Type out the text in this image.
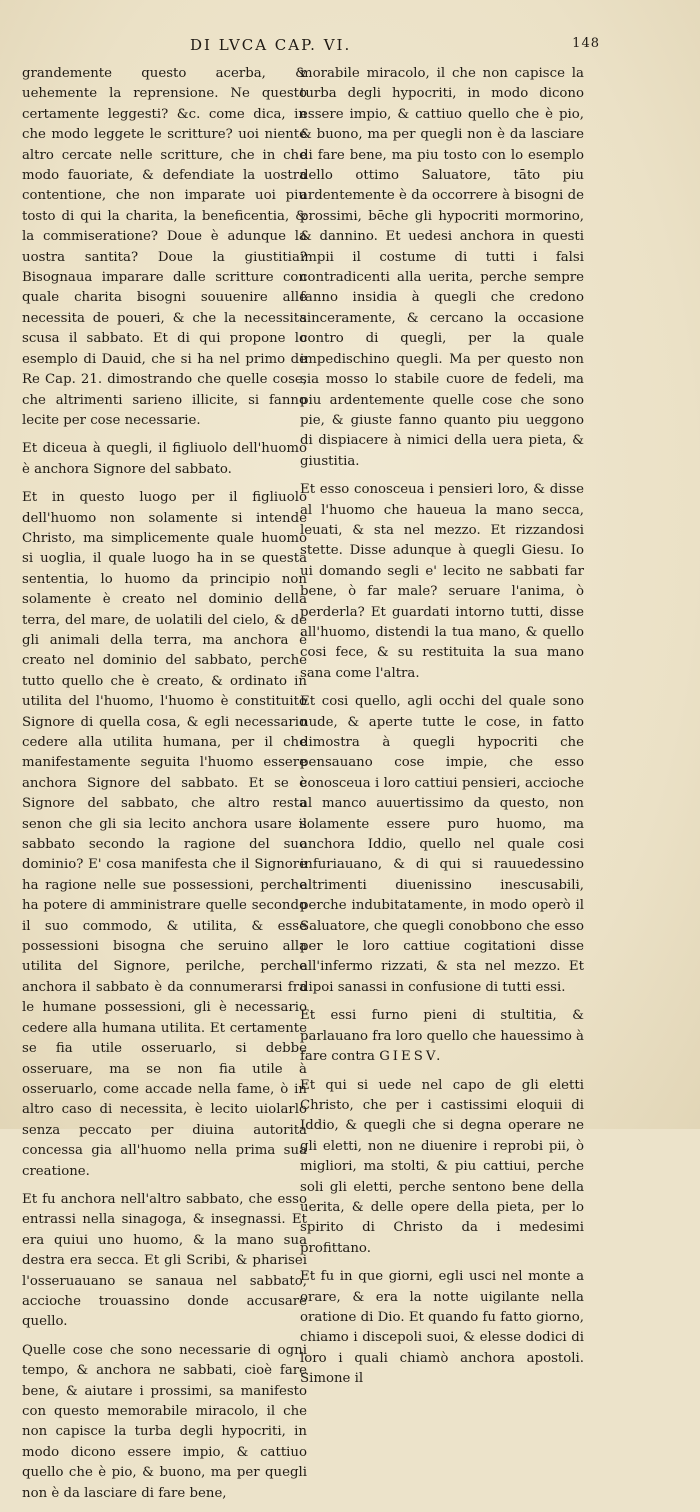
DI LVCA CAP. VI.	148

grandemente questo acerba, & uehemente la reprensione. Ne questo certamente leggesti? &c. come dica, in che modo leggete le scritture? uoi niente altro cercate nelle scritture, che in che modo fauoriate, & defendiate la uostra contentione, che non imparate uoi piu tosto di qui la charita, la beneficentia, & la commiseratione? Doue è adunque la uostra santita? Doue la giustitia? Bisognaua imparare dalle scritture con quale charita bisogni souuenire alle necessita de poueri, & che la necessita scusa il sabbato. Et di qui propone lo esemplo di Dauid, che si ha nel primo de Re Cap. 21. dimostrando che quelle cose, che altrimenti sarieno illicite, si fanno lecite per cose necessarie.

Et diceua à quegli, il figliuolo dell'huomo è anchora Signore del sabbato.

Et in questo luogo per il figliuolo dell'huomo non solamente si intende Christo, ma simplicemente quale huomo si uoglia, il quale luogo ha in se questa sententia, lo huomo da principio non solamente è creato nel dominio della terra, del mare, de uolatili del cielo, & de gli animali della terra, ma anchora è creato nel dominio del sabbato, perche tutto quello che è creato, & ordinato in utilita del l'huomo, l'huomo è constituito Signore di quella cosa, & egli necessario cedere alla utilita humana, per il che manifestamente seguita l'huomo essere anchora Signore del sabbato. Et se è Signore del sabbato, che altro resta senon che gli sia lecito anchora usare il sabbato secondo la ragione del suo dominio? E' cosa manifesta che il Signore ha ragione nelle sue possessioni, perche ha potere di amministrare quelle secondo il suo commodo, & utilita, & esse possessioni bisogna che seruino alla utilita del Signore, perilche, perche anchora il sabbato è da connumerarsi fra le humane possessioni, gli è necessario cedere alla humana utilita. Et certamente se fia utile osseruarlo, si debbe osseruare, ma se non fia utile à osseruarlo, come accade nella fame, ò in altro caso di necessita, è lecito uiolarlo senza peccato per diuina autorita concessa gia all'huomo nella prima sua creatione.

Et fu anchora nell'altro sabbato, che esso entrassi nella sinagoga, & insegnassi. Et era quiui uno huomo, & la mano sua destra era secca. Et gli Scribi, & pharisei l'osseruauano se sanaua nel sabbato, accioche trouassino donde accusare quello.

Quelle cose che sono necessarie di ogni tempo, & anchora ne sabbati, cioè fare bene, & aiutare i prossimi, sa manifesto con questo memorabile miracolo, il che non capisce la turba degli hypocriti, in modo dicono essere impio, & cattiuo quello che è pio, & buono, ma per quegli non è da lasciare di fare bene,

morabile miracolo, il che non capisce la turba degli hypocriti, in modo dicono essere impio, & cattiuo quello che è pio, & buono, ma per quegli non è da lasciare di fare bene, ma piu tosto con lo esemplo dello ottimo Saluatore, tāto piu ardentemente è da occorrere à bisogni de prossimi, bēche gli hypocriti mormorino, & dannino. Et uedesi anchora in questi impii il costume di tutti i falsi contradicenti alla uerita, perche sempre fanno insidia à quegli che credono sinceramente, & cercano la occasione contro di quegli, per la quale impedischino quegli. Ma per questo non sia mosso lo stabile cuore de fedeli, ma piu ardentemente quelle cose che sono pie, & giuste fanno quanto piu ueggono di dispiacere à nimici della uera pieta, & giustitia.

Et esso conosceua i pensieri loro, & disse al l'huomo che haueua la mano secca, leuati, & sta nel mezzo. Et rizzandosi stette. Disse adunque à quegli Giesu. Io ui domando segli e' lecito ne sabbati far bene, ò far male? seruare l'anima, ò perderla? Et guardati intorno tutti, disse all'huomo, distendi la tua mano, & quello cosi fece, & su restituita la sua mano sana come l'altra.

Et cosi quello, agli occhi del quale sono nude, & aperte tutte le cose, in fatto dimostra à quegli hypocriti che pensauano cose impie, che esso conosceua i loro cattiui pensieri, accioche al manco auuertissimo da questo, non solamente essere puro huomo, ma anchora Iddio, quello nel quale cosi infuriauano, & di qui si rauuedessino altrimenti diuenissino inescusabili, perche indubitatamente, in modo operò il Saluatore, che quegli conobbono che esso per le loro cattiue cogitationi disse all'infermo rizzati, & sta nel mezzo. Et dipoi sanassi in confusione di tutti essi.

Et essi furno pieni di stultitia, & parlauano fra loro quello che hauessimo à fare contra GIESV.

Et qui si uede nel capo de gli eletti Christo, che per i castissimi eloquii di Iddio, & quegli che si degna operare ne gli eletti, non ne diuenire i reprobi pii, ò migliori, ma stolti, & piu cattiui, perche soli gli eletti, perche sentono bene della uerita, & delle opere della pieta, per lo spirito di Christo da i medesimi profittano.

Et fu in que giorni, egli usci nel monte a orare, & era la notte uigilante nella oratione di Dio. Et quando fu fatto giorno, chiamo i discepoli suoi, & elesse dodici di loro i quali chiamò anchora apostoli. Simone il
